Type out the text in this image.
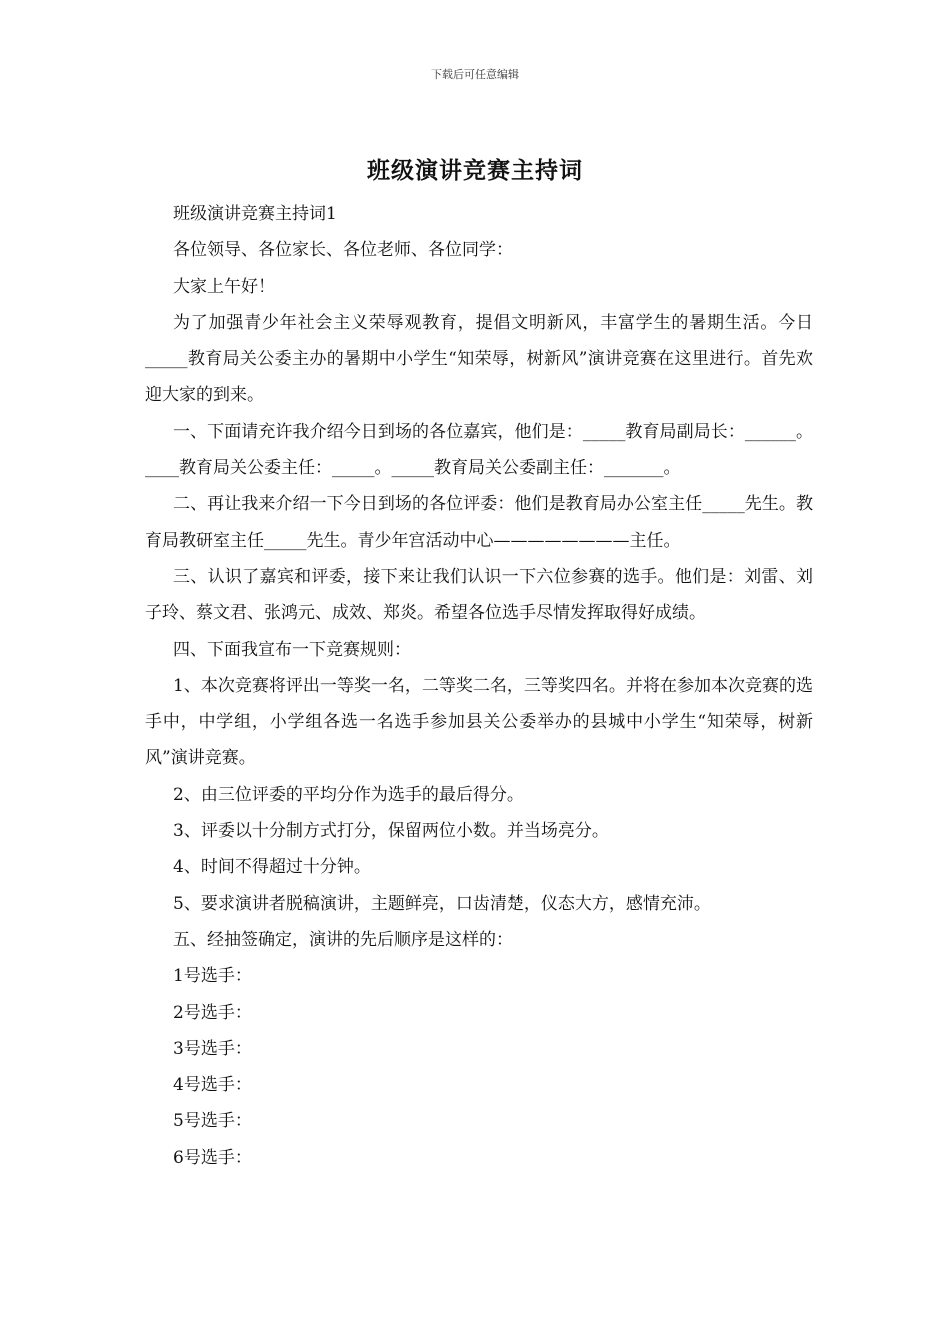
下载后可任意编辑
班级演讲竞赛主持词

班级演讲竞赛主持词1

各位领导、各位家长、各位老师、各位同学：

大家上午好！

为了加强青少年社会主义荣辱观教育，提倡文明新风，丰富学生的暑期生活。今日_____教育局关公委主办的暑期中小学生“知荣辱，树新风”演讲竞赛在这里进行。首先欢迎大家的到来。

一、下面请充许我介绍今日到场的各位嘉宾，他们是：_____教育局副局长：______。____教育局关公委主任：_____。_____教育局关公委副主任：_______。

二、再让我来介绍一下今日到场的各位评委：他们是教育局办公室主任_____先生。教育局教研室主任_____先生。青少年宫活动中心————————主任。

三、认识了嘉宾和评委，接下来让我们认识一下六位参赛的选手。他们是：刘雷、刘子玲、蔡文君、张鸿元、成效、郑炎。希望各位选手尽情发挥取得好成绩。

四、下面我宣布一下竞赛规则：

1、本次竞赛将评出一等奖一名，二等奖二名，三等奖四名。并将在参加本次竞赛的选手中，中学组，小学组各选一名选手参加县关公委举办的县城中小学生“知荣辱，树新风”演讲竞赛。

2、由三位评委的平均分作为选手的最后得分。

3、评委以十分制方式打分，保留两位小数。并当场亮分。

4、时间不得超过十分钟。

5、要求演讲者脱稿演讲，主题鲜亮，口齿清楚，仪态大方，感情充沛。

五、经抽签确定，演讲的先后顺序是这样的：

1号选手：

2号选手：

3号选手：

4号选手：

5号选手：

6号选手：
